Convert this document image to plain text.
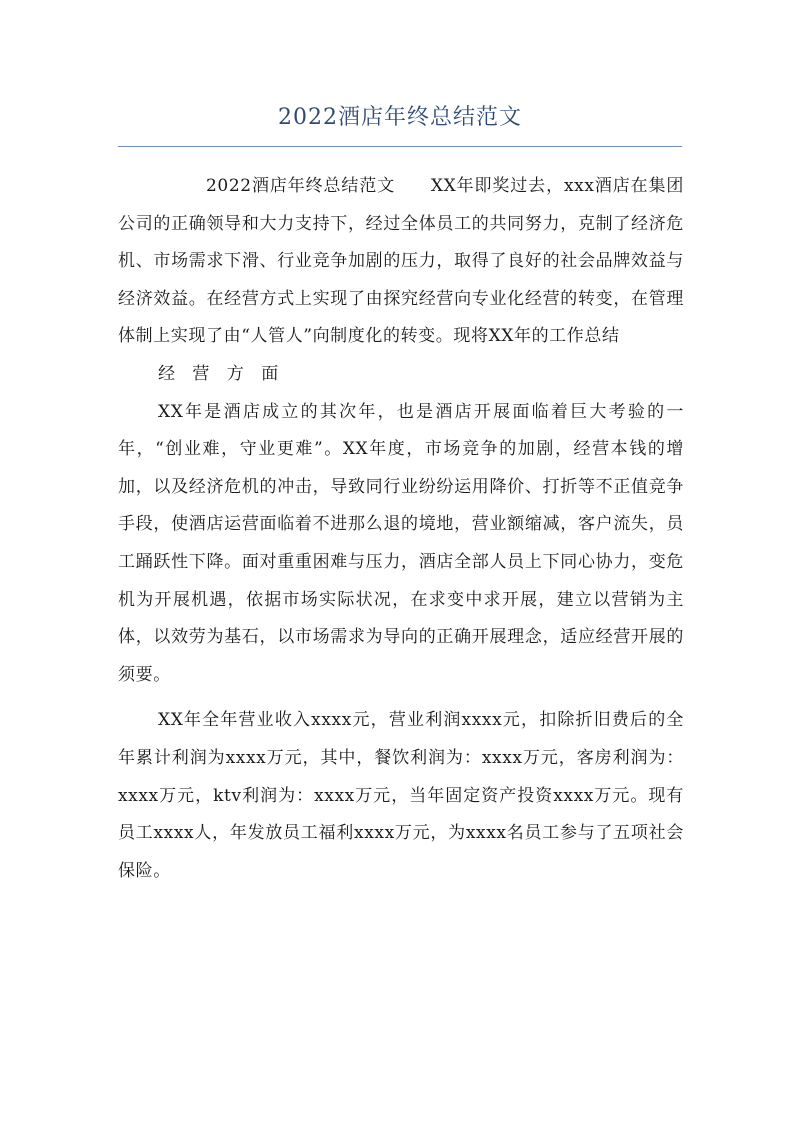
2022酒店年终总结范文

2022酒店年终总结范文　　XX年即奖过去，xxx酒店在集团公司的正确领导和大力支持下，经过全体员工的共同努力，克制了经济危机、市场需求下滑、行业竞争加剧的压力，取得了良好的社会品牌效益与经济效益。在经营方式上实现了由探究经营向专业化经营的转变，在管理体制上实现了由“人管人”向制度化的转变。现将XX年的工作总结

经 营 方 面

XX年是酒店成立的其次年，也是酒店开展面临着巨大考验的一年，“创业难，守业更难”。XX年度，市场竞争的加剧，经营本钱的增加，以及经济危机的冲击，导致同行业纷纷运用降价、打折等不正值竞争手段，使酒店运营面临着不进那么退的境地，营业额缩减，客户流失，员工踊跃性下降。面对重重困难与压力，酒店全部人员上下同心协力，变危机为开展机遇，依据市场实际状况，在求变中求开展，建立以营销为主体，以效劳为基石，以市场需求为导向的正确开展理念，适应经营开展的须要。

XX年全年营业收入xxxx元，营业利润xxxx元，扣除折旧费后的全年累计利润为xxxx万元，其中，餐饮利润为：xxxx万元，客房利润为：xxxx万元，ktv利润为：xxxx万元，当年固定资产投资xxxx万元。现有员工xxxx人，年发放员工福利xxxx万元，为xxxx名员工参与了五项社会保险。
